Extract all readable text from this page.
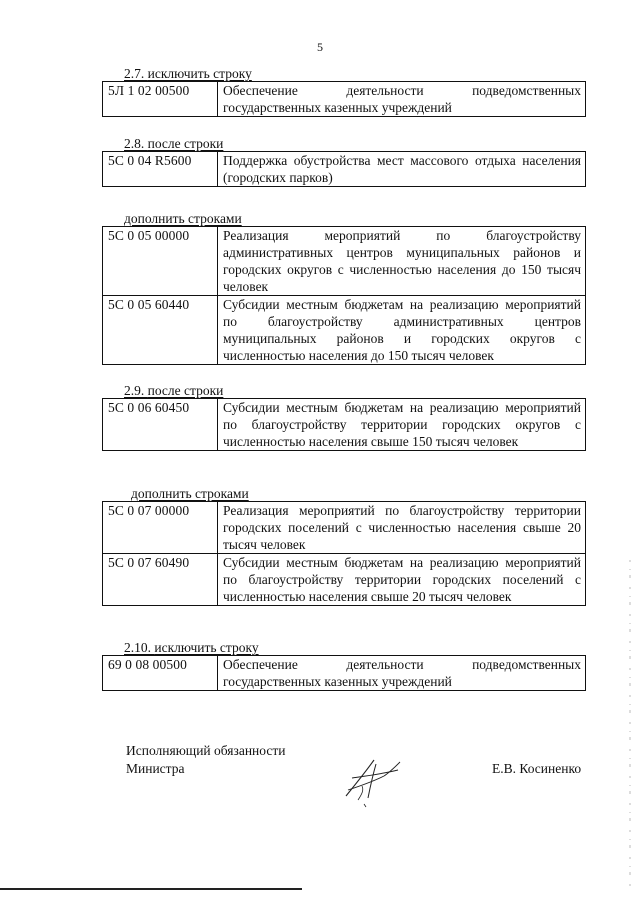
5
2.7. исключить строку
5Л 1 02 00500	Обеспечение деятельности подведомственных государственных казенных учреждений
2.8. после строки
5С 0 04 R5600	Поддержка обустройства мест массового отдыха населения (городских парков)
дополнить строками
5С 0 05 00000	Реализация мероприятий по благоустройству административных центров муниципальных районов и городских округов с численностью населения до 150 тысяч человек
5С 0 05 60440	Субсидии местным бюджетам на реализацию мероприятий по благоустройству административных центров муниципальных районов и городских округов с численностью населения до 150 тысяч человек
2.9. после строки
5С 0 06 60450	Субсидии местным бюджетам на реализацию мероприятий по благоустройству территории городских округов с численностью населения свыше 150 тысяч человек
дополнить строками
5С 0 07 00000	Реализация мероприятий по благоустройству территории городских поселений с численностью населения свыше 20 тысяч человек
5С 0 07 60490	Субсидии местным бюджетам на реализацию мероприятий по благоустройству территории городских поселений с численностью населения свыше 20 тысяч человек
2.10. исключить строку
69 0 08 00500	Обеспечение деятельности подведомственных государственных казенных учреждений
Исполняющий обязанности
Министра	Е.В. Косиненко
